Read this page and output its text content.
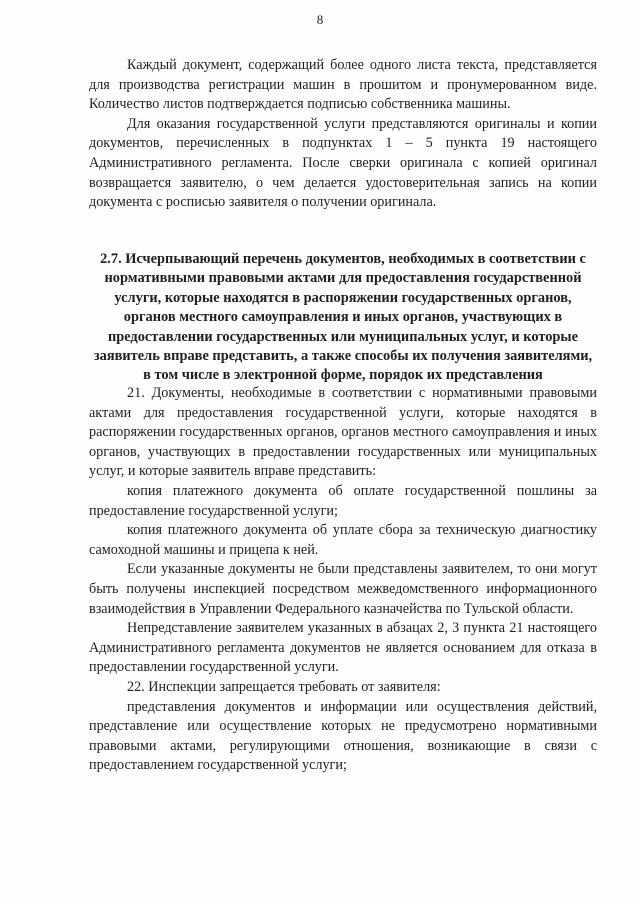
8

Каждый документ, содержащий более одного листа текста, представляется для производства регистрации машин в прошитом и пронумерованном виде. Количество листов подтверждается подписью собственника машины.

Для оказания государственной услуги представляются оригиналы и копии документов, перечисленных в подпунктах 1 – 5 пункта 19 настоящего Административного регламента. После сверки оригинала с копией оригинал возвращается заявителю, о чем делается удостоверительная запись на копии документа с росписью заявителя о получении оригинала.

2.7. Исчерпывающий перечень документов, необходимых в соответствии с нормативными правовыми актами для предоставления государственной услуги, которые находятся в распоряжении государственных органов, органов местного самоуправления и иных органов, участвующих в предоставлении государственных или муниципальных услуг, и которые заявитель вправе представить, а также способы их получения заявителями, в том числе в электронной форме, порядок их представления

21. Документы, необходимые в соответствии с нормативными правовыми актами для предоставления государственной услуги, которые находятся в распоряжении государственных органов, органов местного самоуправления и иных органов, участвующих в предоставлении государственных или муниципальных услуг, и которые заявитель вправе представить:

копия платежного документа об оплате государственной пошлины за предоставление государственной услуги;

копия платежного документа об уплате сбора за техническую диагностику самоходной машины и прицепа к ней.

Если указанные документы не были представлены заявителем, то они могут быть получены инспекцией посредством межведомственного информационного взаимодействия в Управлении Федерального казначейства по Тульской области.

Непредставление заявителем указанных в абзацах 2, 3 пункта 21 настоящего Административного регламента документов не является основанием для отказа в предоставлении государственной услуги.

22. Инспекции запрещается требовать от заявителя:

представления документов и информации или осуществления действий, представление или осуществление которых не предусмотрено нормативными правовыми актами, регулирующими отношения, возникающие в связи с предоставлением государственной услуги;
